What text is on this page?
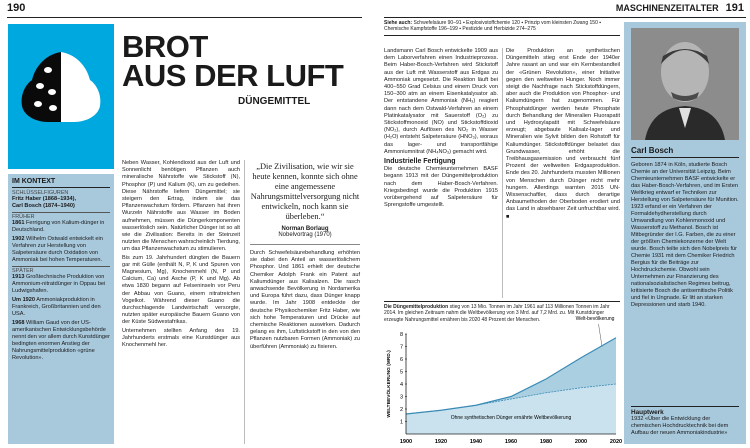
190
BROT
AUS DER LUFT
DÜNGEMITTEL
IM KONTEXT
SCHLÜSSELFIGUREN
Fritz Haber (1868–1934),
Carl Bosch (1874–1940)
FRÜHER
1861 Ferrigung von Kalium-dünger in Deutschland.
1902 Wilhelm Ostwald entwickelt ein Verfahren zur Herstellung von Salpetersäure durch Oxidation von Ammoniak bei hohen Temperaturen.
SPÄTER
1913 Großtechnische Produktion von Ammonium-nitratdünger in Oppau bei Ludwigshafen.
Um 1920 Ammoniakproduktion in Frankreich, Großbritannien und den USA.
1968 William Gaud von der US-amerikanischen Entwicklungsbehörde nennt den vor allem durch Kunstdünger bedingten enormen Anstieg der Nahrungsmittelproduktion «grüne Revolution».

Neben Wasser, Kohlendioxid aus der Luft und Sonnenlicht benötigen Pflanzen auch mineralische Nährstoffe wie Stickstoff (N), Phosphor (P) und Kalium (K), um zu gedeihen. Diese Nährstoffe liefern Düngemittel; sie steigern den Ertrag, indem sie das Pflanzenwachstum fördern. Pflanzen hat ihren Wurzeln Nährstoffe aus Wasser im Boden aufnehmen, müssen die Düngerkomponenten wasserlöslich sein. Natürlicher Dünger ist so alt wie die Zivilisation: Bereits in der Steinzeit nutzten die Menschen wahrscheinlich Tierdung, um das Pflanzenwachstum zu stimulieren.

Bis zum 19. Jahrhundert düngten die Bauern gar mit Gülle (enthält N, P, K und Spuren von Magnesium, Mg), Knochenmehl (N, P und Calcium, Ca) und Asche (P, K und Mg). Ab etwa 1830 begann auf Felseninseln vor Peru der Abbau von Guano, einem nitratreichen Vogelkot. Während dieser Guano die durchschlagende Landwirtschaft versorgte, nutzten später europäische Bauern Guano von der Küste Südwestafrikas.

Unternehmen stellten Anfang des 19. Jahrhunderts erstmals eine Kunstdünger aus Knochenmehl her.

„Die Zivilisation, wie wir sie heute kennen, konnte sich ohne eine angemessene Nahrungsmittelversorgung nicht entwickeln, noch kann sie überleben.“
Norman Borlaug
Nobelvortrag (1970)

Durch Schwefelsäurebehandlung erhöhten sie dabei den Anteil an wasserlöslichem Phosphor. Und 1861 erhielt der deutsche Chemiker Adolph Frank ein Patent auf Kaliumdünger aus Kalisalzen. Die rasch anwachsende Bevölkerung in Nordamerika und Europa führt dazu, dass Dünger knapp wurde. Im Jahr 1908 entdeckte der deutsche Physikochemiker Fritz Haber, wie sich hohe Temperaturen und Drücke auf chemische Reaktionen auswirken. Dadurch gelang es ihm, Luftstickstoff in den von den Pflanzen nutzbaren Formen (Ammoniak) zu überführen (Ammoniak) zu fixieren.

MASCHINENZEITALTER 191
Siehe auch: Schwefelsäure 90–91 ▪ Explosivstoffchemie 120 ▪ Prinzip vom kleinsten Zwang 150 ▪ Chemische Kampfstoffe 196–199 ▪ Pestizide und Herbizide 274–275

Landsmann Carl Bosch entwickelte 1909 aus dem Laborverfahren einen Industrieprozess. Beim Haber-Bosch-Verfahren wird Stickstoff aus der Luft mit Wasserstoff aus Erdgas zu Ammoniak umgesetzt. Die Reaktion läuft bei 400–550 Grad Celsius und einem Druck von 150–300 atm an einem Eisenkatalysator ab. Der entstandene Ammoniak (NH₃) reagiert dann nach dem Ostwald-Verfahren an einem Platinkatalysator mit Sauerstoff (O₂) zu Stickstoffmonoxid (NO) und Stickstoffdioxid (NO₂), durch Auflösen des NO₂ in Wasser (H₂O) entsteht Salpetersäure (HNO₃), woraus das lager- und transportfähige Ammoniumnitrat (NH₄NO₃) gemacht wird.

Industrielle Fertigung

Die deutsche Chemieunternehmen BASF begann 1913 mit der Düngemittelproduktion nach dem Haber-Bosch-Verfahren. Kriegsbedingt wurde die Produktion 1915 vorübergehend auf Salpetersäure für Sprengstoffe umgestellt.

Die Produktion an synthetischen Düngemitteln stieg erst Ende der 1940er Jahre rasant an und war ein Kernbestandteil der «Grünen Revolution», einer Initiative gegen den weltweiten Hunger. Noch immer steigt die Nachfrage nach Stickstoffdüngern, aber auch die Produktion von Phosphor- und Kaliumdüngern hat zugenommen. Für Phosphatdünger werden heute Phosphate durch Behandlung der Mineralien Fluorapatit und Hydroxylapatit mit Schwefelsäure erzeugt; abgebaute Kalisalz-lager und Mineralien wie Sylvit bilden den Rohstoff für Kaliumdünger. Stickstoffdünger belastet das Grundwasser, erhöht die Treibhausgasemission und verbraucht fünf Prozent der weltweiten Erdgasproduktion. Ende des 20. Jahrhunderts mussten Millionen von Menschen durch Dünger nicht mehr hungern. Allerdings warnten 2015 UN-Wissenschaftler, dass durch derartige Anbaumethoden der Oberboden erodiert und das Land in absehbarer Zeit unfruchtbar wird. ■

Die Düngemittelproduktion stieg von 13 Mio. Tonnen im Jahr 1961 auf 113 Millionen Tonnen im Jahr 2014. Im gleichen Zeitraum nahm die Weltbevölkerung von 3 Mrd. auf 7,2 Mrd. zu. Mit Kunstdünger erzeugte Nahrungsmittel ernähren bis 2020 48 Prozent der Menschen.
1900	1920	1940	1960	1980	2000	2020
1
2
3
4
5
6
7
8
WELTBEVÖLKERUNG (MRD.)
Welt-bevölkerung
Ohne synthetischen Dünger ernährte Weltbevölkerung
Carl Bosch
Geboren 1874 in Köln, studierte Bosch Chemie an der Universität Leipzig. Beim Chemieunternehmen BASF entwickelte er das Haber-Bosch-Verfahren, und im Ersten Weltkrieg entwarf er Techniken zur Herstellung von Salpetersäure für Munition. 1923 erfand er ein Verfahren der Formaldehydherstellung durch Umwandlung von Kohlenmonoxid und Wasserstoff zu Methanol. Bosch ist Mitbegründer der I.G. Farben, die zu einer der größten Chemiekonzerne der Welt wurde. Bosch teilte sich den Nobelpreis für Chemie 1931 mit dem Chemiker Friedrich Bergius für die Beiträge zur Hochdruckchemie. Obwohl sein Unternehmen zur Finanzierung des nationalsozialistischen Regimes beitrug, kritisierte Bosch die antisemitische Politik und fiel in Ungnade. Er litt an starken Depressionen und starb 1940.
Hauptwerk
1932 «Über die Entwicklung der chemischen Hochdrucktechnik bei dem Aufbau der neuen Ammoniakindustrie»
